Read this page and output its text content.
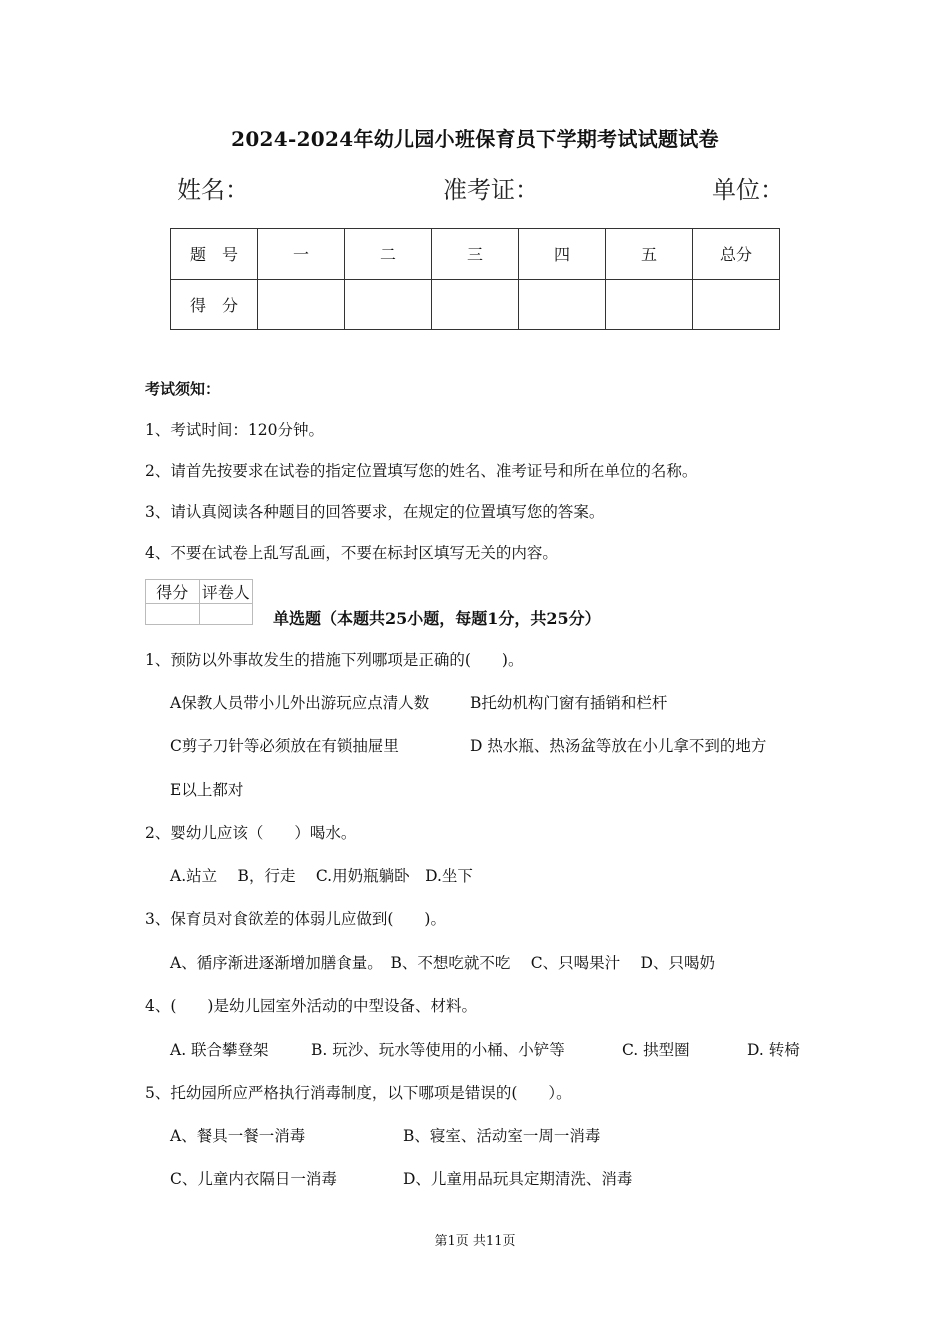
2024-2024年幼儿园小班保育员下学期考试试题试卷
姓名：	准考证：	单位：
题　号	一	二	三	四	五	总分
得　分						
考试须知：
1、考试时间：120分钟。
2、请首先按要求在试卷的指定位置填写您的姓名、准考证号和所在单位的名称。
3、请认真阅读各种题目的回答要求，在规定的位置填写您的答案。
4、不要在试卷上乱写乱画，不要在标封区填写无关的内容。
得分	评卷人

单选题（本题共25小题，每题1分，共25分）
1、预防以外事故发生的措施下列哪项是正确的(　　)。
A保教人员带小儿外出游玩应点清人数	B托幼机构门窗有插销和栏杆
C剪子刀针等必须放在有锁抽屉里	D 热水瓶、热汤盆等放在小儿拿不到的地方
E以上都对
2、婴幼儿应该（　　）喝水。
A.站立　 B，行走　 C.用奶瓶躺卧　D.坐下
3、保育员对食欲差的体弱儿应做到(　　)。
A、循序渐进逐渐增加膳食量。　B、不想吃就不吃　 C、只喝果汁　 D、只喝奶
4、(　　)是幼儿园室外活动的中型设备、材料。
A. 联合攀登架	B. 玩沙、玩水等使用的小桶、小铲等	C. 拱型圈	D. 转椅
5、托幼园所应严格执行消毒制度，以下哪项是错误的(　　）。
A、餐具一餐一消毒	B、寝室、活动室一周一消毒
C、儿童内衣隔日一消毒	D、儿童用品玩具定期清洗、消毒
第1页 共11页
